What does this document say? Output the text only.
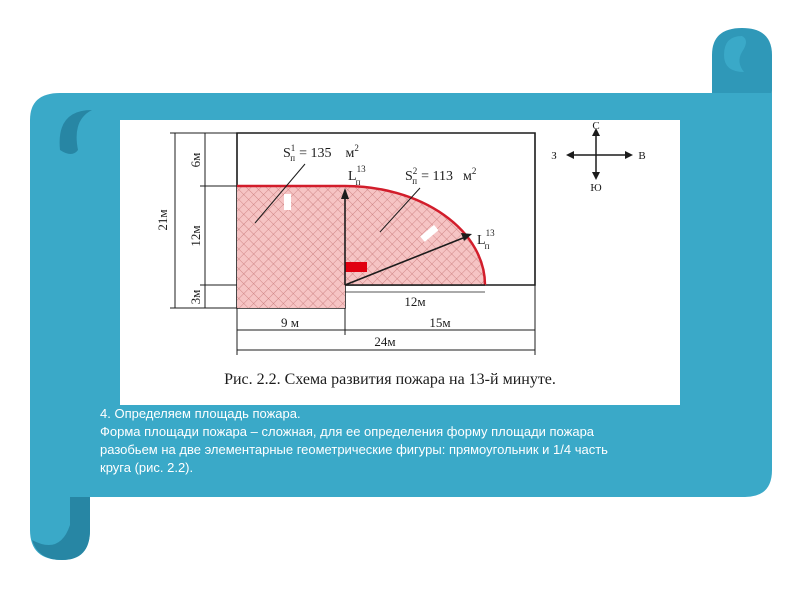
$S^1$ п = 135 $м^2$
$S^2$ п = 113 $м^2$
$L^{13}$ п
$L^{13}$ п
21м
6м
12м
3м	12м
9 м	15м
24м
С
Ю
З	В
Рис. 2.2. Схема развития пожара на 13-й минуте.
4. Определяем площадь пожара.
Форма площади пожара – сложная, для ее определения форму площади пожара
разобьем на две элементарные геометрические фигуры: прямоугольник и 1/4 часть
круга (рис. 2.2).
